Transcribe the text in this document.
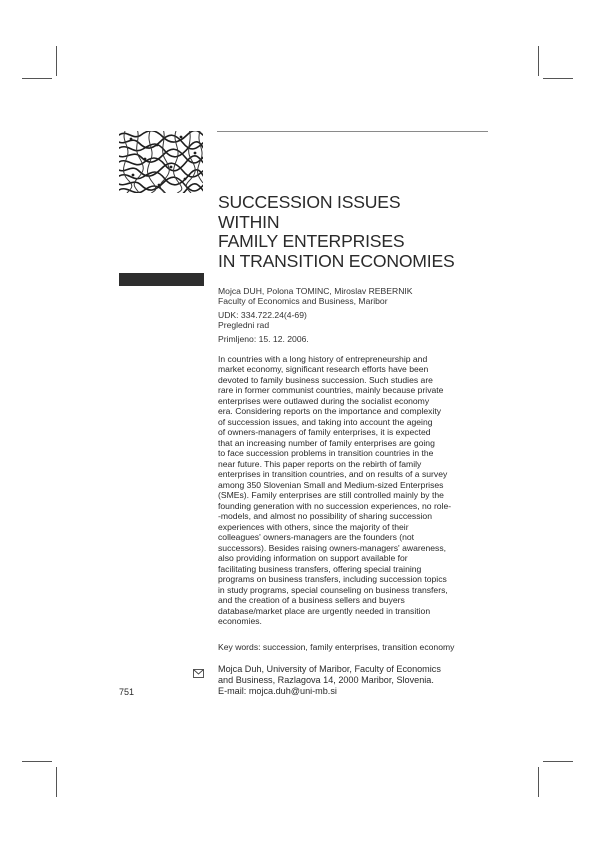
SUCCESSION ISSUES
WITHIN
FAMILY ENTERPRISES
IN TRANSITION ECONOMIES
Mojca DUH, Polona TOMINC, Miroslav REBERNIK
Faculty of Economics and Business, Maribor
UDK: 334.722.24(4-69)
Pregledni rad
Primljeno: 15. 12. 2006.

In countries with a long history of entrepreneurship and
market economy, significant research efforts have been
devoted to family business succession. Such studies are
rare in former communist countries, mainly because private
enterprises were outlawed during the socialist economy
era. Considering reports on the importance and complexity
of succession issues, and taking into account the ageing
of owners-managers of family enterprises, it is expected
that an increasing number of family enterprises are going
to face succession problems in transition countries in the
near future. This paper reports on the rebirth of family
enterprises in transition countries, and on results of a survey
among 350 Slovenian Small and Medium-sized Enterprises
(SMEs). Family enterprises are still controlled mainly by the
founding generation with no succession experiences, no role-
-models, and almost no possibility of sharing succession
experiences with others, since the majority of their
colleagues' owners-managers are the founders (not
successors). Besides raising owners-managers' awareness,
also providing information on support available for
facilitating business transfers, offering special training
programs on business transfers, including succession topics
in study programs, special counseling on business transfers,
and the creation of a business sellers and buyers
database/market place are urgently needed in transition
economies.

Key words: succession, family enterprises, transition economy
Mojca Duh, University of Maribor, Faculty of Economics
and Business, Razlagova 14, 2000 Maribor, Slovenia.
E-mail: mojca.duh@uni-mb.si
751
